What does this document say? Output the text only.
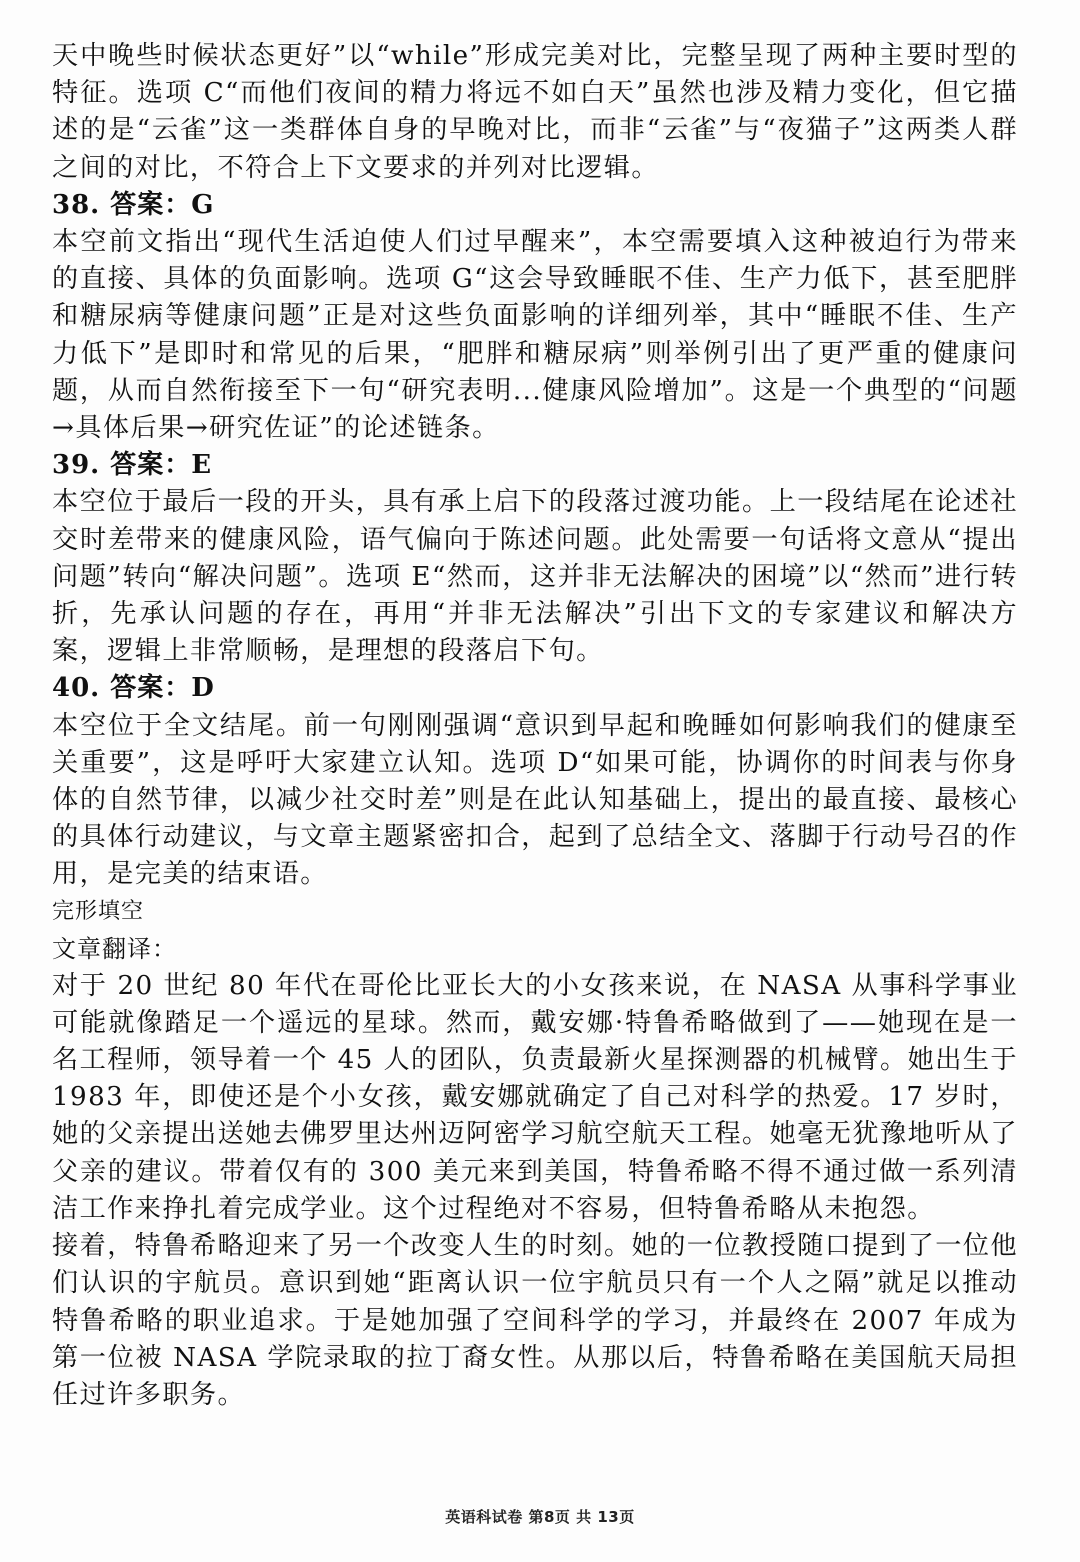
天中晚些时候状态更好”以“while”形成完美对比，完整呈现了两种主要时型的特征。选项 C“而他们夜间的精力将远不如白天”虽然也涉及精力变化，但它描述的是“云雀”这一类群体自身的早晚对比，而非“云雀”与“夜猫子”这两类人群之间的对比，不符合上下文要求的并列对比逻辑。

38. 答案：G

本空前文指出“现代生活迫使人们过早醒来”，本空需要填入这种被迫行为带来的直接、具体的负面影响。选项 G“这会导致睡眠不佳、生产力低下，甚至肥胖和糖尿病等健康问题”正是对这些负面影响的详细列举，其中“睡眠不佳、生产力低下”是即时和常见的后果，“肥胖和糖尿病”则举例引出了更严重的健康问题，从而自然衔接至下一句“研究表明...健康风险增加”。这是一个典型的“问题→具体后果→研究佐证”的论述链条。

39. 答案：E

本空位于最后一段的开头，具有承上启下的段落过渡功能。上一段结尾在论述社交时差带来的健康风险，语气偏向于陈述问题。此处需要一句话将文意从“提出问题”转向“解决问题”。选项 E“然而，这并非无法解决的困境”以“然而”进行转折，先承认问题的存在，再用“并非无法解决”引出下文的专家建议和解决方案，逻辑上非常顺畅，是理想的段落启下句。

40. 答案：D

本空位于全文结尾。前一句刚刚强调“意识到早起和晚睡如何影响我们的健康至关重要”，这是呼吁大家建立认知。选项 D“如果可能，协调你的时间表与你身体的自然节律，以减少社交时差”则是在此认知基础上，提出的最直接、最核心的具体行动建议，与文章主题紧密扣合，起到了总结全文、落脚于行动号召的作用，是完美的结束语。

完形填空

文章翻译：

对于 20 世纪 80 年代在哥伦比亚长大的小女孩来说，在 NASA 从事科学事业可能就像踏足一个遥远的星球。然而，戴安娜·特鲁希略做到了——她现在是一名工程师，领导着一个 45 人的团队，负责最新火星探测器的机械臂。她出生于 1983 年，即使还是个小女孩，戴安娜就确定了自己对科学的热爱。17 岁时，她的父亲提出送她去佛罗里达州迈阿密学习航空航天工程。她毫无犹豫地听从了父亲的建议。带着仅有的 300 美元来到美国，特鲁希略不得不通过做一系列清洁工作来挣扎着完成学业。这个过程绝对不容易，但特鲁希略从未抱怨。

接着，特鲁希略迎来了另一个改变人生的时刻。她的一位教授随口提到了一位他们认识的宇航员。意识到她“距离认识一位宇航员只有一个人之隔”就足以推动特鲁希略的职业追求。于是她加强了空间科学的学习，并最终在 2007 年成为第一位被 NASA 学院录取的拉丁裔女性。从那以后，特鲁希略在美国航天局担任过许多职务。

英语科试卷 第8页 共 13页
